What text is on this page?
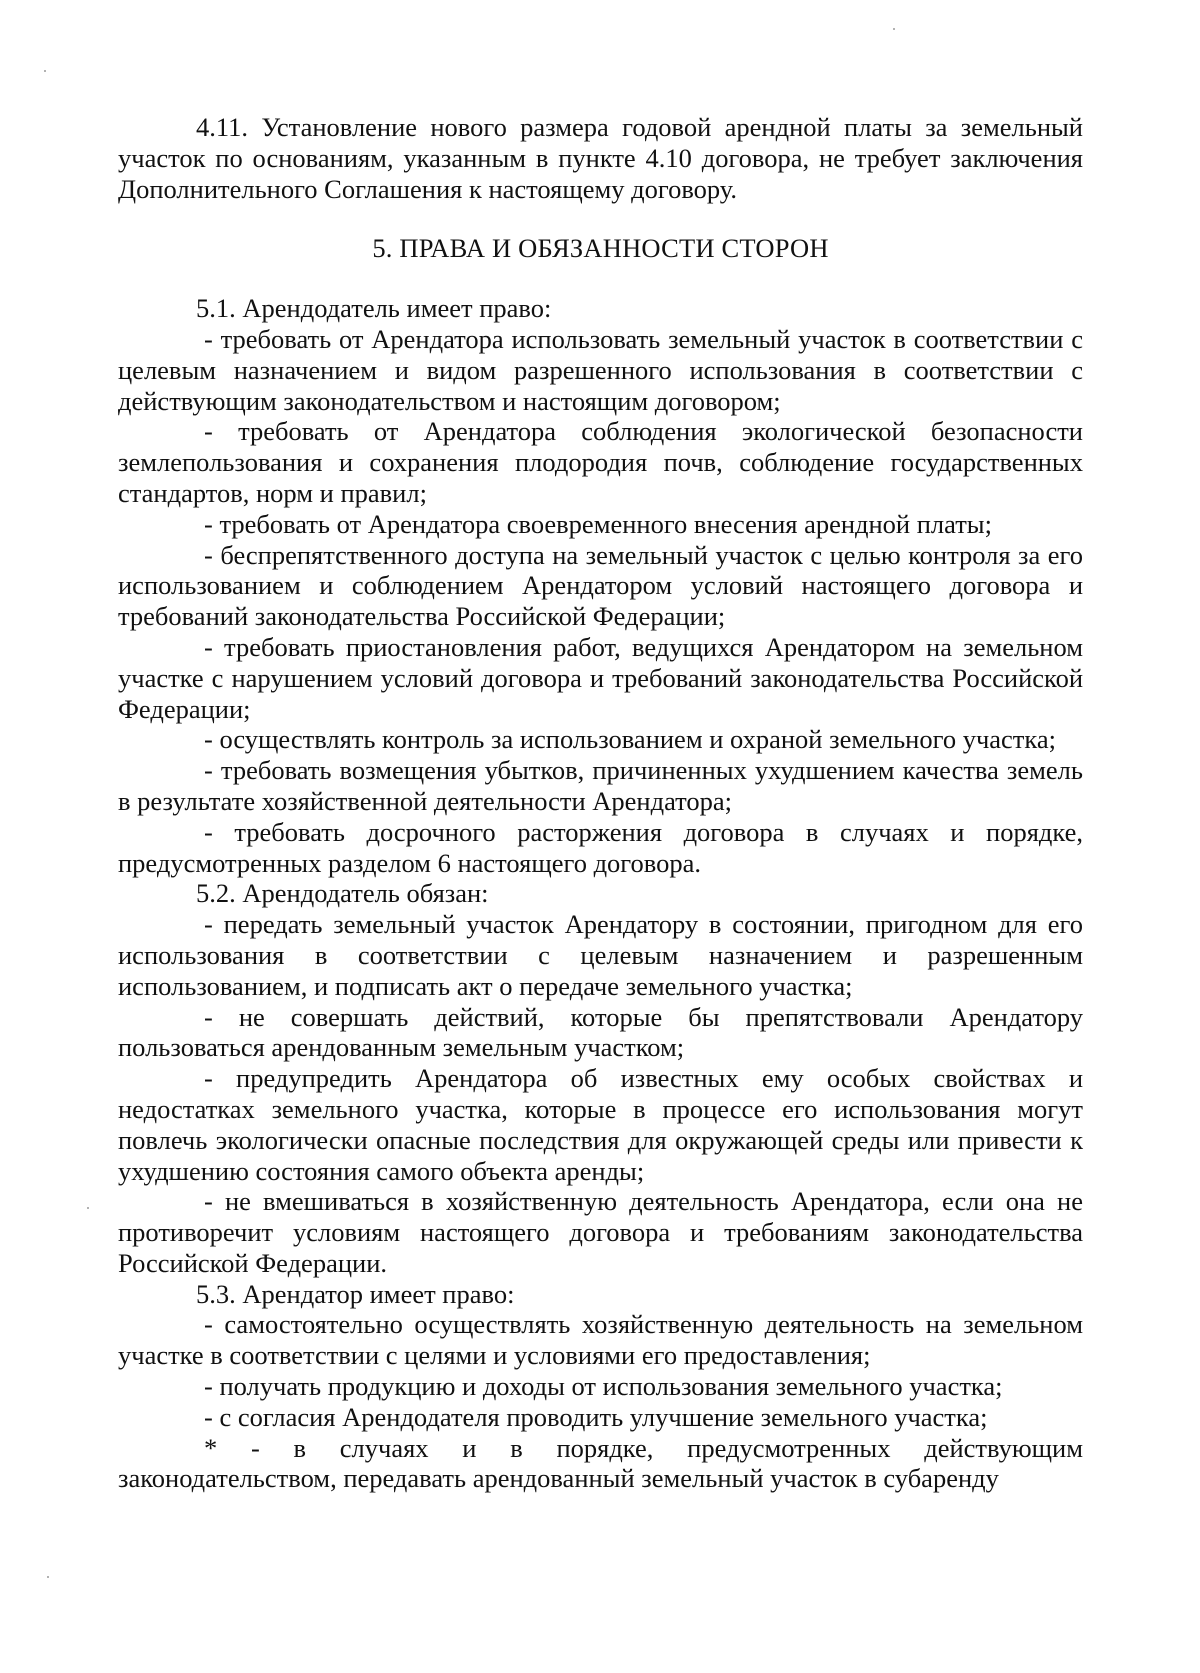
4.11. Установление нового размера годовой арендной платы за земельный участок по основаниям, указанным в пункте 4.10 договора, не требует заключения Дополнительного Соглашения к настоящему договору.

5. ПРАВА И ОБЯЗАННОСТИ СТОРОН

5.1. Арендодатель имеет право:

- требовать от Арендатора использовать земельный участок в соответствии с целевым назначением и видом разрешенного использования в соответствии с действующим законодательством и настоящим договором;

- требовать от Арендатора соблюдения экологической безопасности землепользования и сохранения плодородия почв, соблюдение государственных стандартов, норм и правил;

- требовать от Арендатора своевременного внесения арендной платы;

- беспрепятственного доступа на земельный участок с целью контроля за его использованием и соблюдением Арендатором условий настоящего договора и требований законодательства Российской Федерации;

- требовать приостановления работ, ведущихся Арендатором на земельном участке с нарушением условий договора и требований законодательства Российской Федерации;

- осуществлять контроль за использованием и охраной земельного участка;

- требовать возмещения убытков, причиненных ухудшением качества земель в результате хозяйственной деятельности Арендатора;

- требовать досрочного расторжения договора в случаях и порядке, предусмотренных разделом 6 настоящего договора.

5.2. Арендодатель обязан:

- передать земельный участок Арендатору в состоянии, пригодном для его использования в соответствии с целевым назначением и разрешенным использованием, и подписать акт о передаче земельного участка;

- не совершать действий, которые бы препятствовали Арендатору пользоваться арендованным земельным участком;

- предупредить Арендатора об известных ему особых свойствах и недостатках земельного участка, которые в процессе его использования могут повлечь экологически опасные последствия для окружающей среды или привести к ухудшению состояния самого объекта аренды;

- не вмешиваться в хозяйственную деятельность Арендатора, если она не противоречит условиям настоящего договора и требованиям законодательства Российской Федерации.

5.3. Арендатор имеет право:

- самостоятельно осуществлять хозяйственную деятельность на земельном участке в соответствии с целями и условиями его предоставления;

- получать продукцию и доходы от использования земельного участка;

- с согласия Арендодателя проводить улучшение земельного участка;

* - в случаях и в порядке, предусмотренных действующим законодательством, передавать арендованный земельный участок в субаренду
